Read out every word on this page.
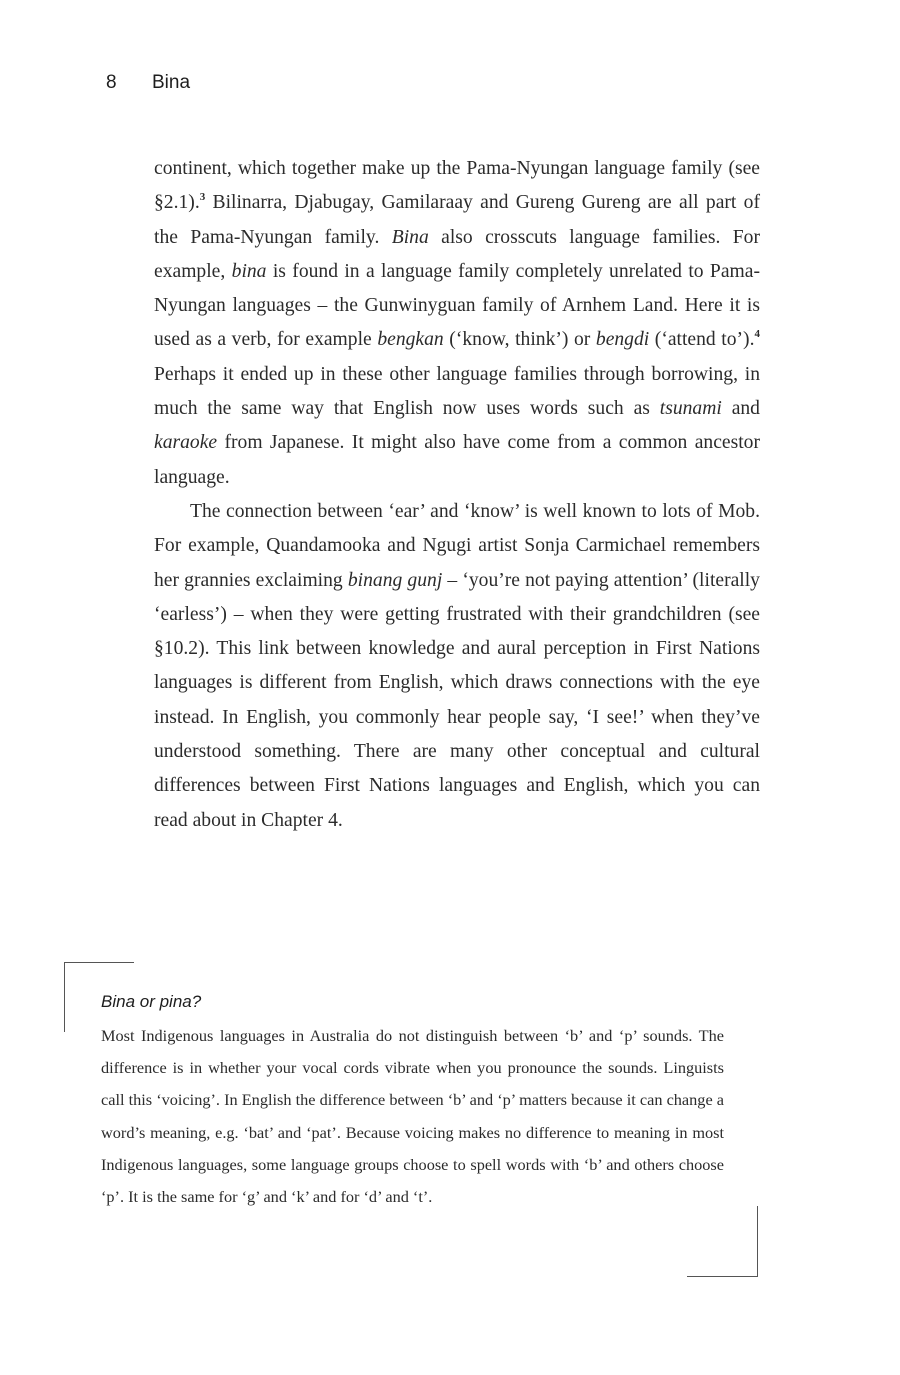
8 Bina

continent, which together make up the Pama-Nyungan language family (see §2.1).$^3$ Bilinarra, Djabugay, Gamilaraay and Gureng Gureng are all part of the Pama-Nyungan family. Bina also crosscuts language families. For example, bina is found in a language family completely unrelated to Pama-Nyungan languages – the Gunwinyguan family of Arnhem Land. Here it is used as a verb, for example bengkan (‘know, think’) or bengdi (‘attend to’).$^4$ Perhaps it ended up in these other language families through borrowing, in much the same way that English now uses words such as tsunami and karaoke from Japanese. It might also have come from a common ancestor language.

The connection between ‘ear’ and ‘know’ is well known to lots of Mob. For example, Quandamooka and Ngugi artist Sonja Carmichael remembers her grannies exclaiming binang gunj – ‘you’re not paying attention’ (literally ‘earless’) – when they were getting frustrated with their grandchildren (see §10.2). This link between knowledge and aural perception in First Nations languages is different from English, which draws connections with the eye instead. In English, you commonly hear people say, ‘I see!’ when they’ve understood something. There are many other conceptual and cultural differences between First Nations languages and English, which you can read about in Chapter 4.

Bina or pina?

Most Indigenous languages in Australia do not distinguish between ‘b’ and ‘p’ sounds. The difference is in whether your vocal cords vibrate when you pronounce the sounds. Linguists call this ‘voicing’. In English the difference between ‘b’ and ‘p’ matters because it can change a word’s meaning, e.g. ‘bat’ and ‘pat’. Because voicing makes no difference to meaning in most Indigenous languages, some language groups choose to spell words with ‘b’ and others choose ‘p’. It is the same for ‘g’ and ‘k’ and for ‘d’ and ‘t’.
